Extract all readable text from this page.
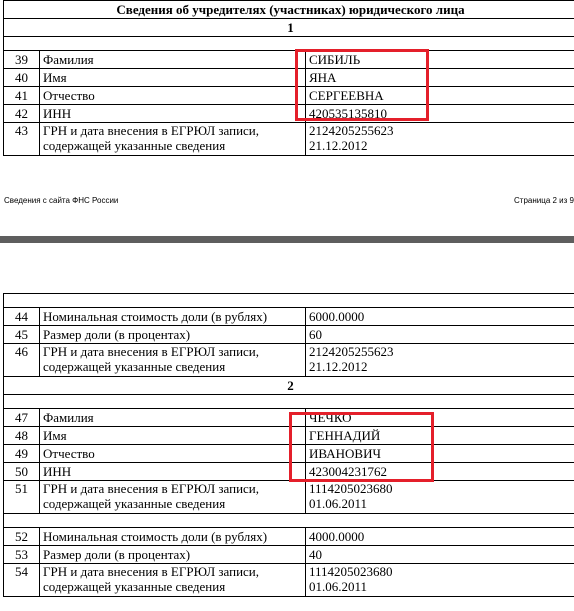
Сведения об учредителях (участниках) юридического лица		
1		

39	Фамилия	СИБИЛЬ
40	Имя	ЯНА
41	Отчество	СЕРГЕЕВНА
42	ИНН	420535135810
43	ГРН и дата внесения в ЕГРЮЛ записи,
содержащей указанные сведения	2124205255623
21.12.2012
Сведения с сайта ФНС России	Страница 2 из 9

44	Номинальная стоимость доли (в рублях)	6000.0000
45	Размер доли (в процентах)	60
46	ГРН и дата внесения в ЕГРЮЛ записи,
содержащей указанные сведения	2124205255623
21.12.2012
2		

47	Фамилия	ЧЕЧКО
48	Имя	ГЕННАДИЙ
49	Отчество	ИВАНОВИЧ
50	ИНН	423004231762
51	ГРН и дата внесения в ЕГРЮЛ записи,
содержащей указанные сведения	1114205023680
01.06.2011

52	Номинальная стоимость доли (в рублях)	4000.0000
53	Размер доли (в процентах)	40
54	ГРН и дата внесения в ЕГРЮЛ записи,
содержащей указанные сведения	1114205023680
01.06.2011
